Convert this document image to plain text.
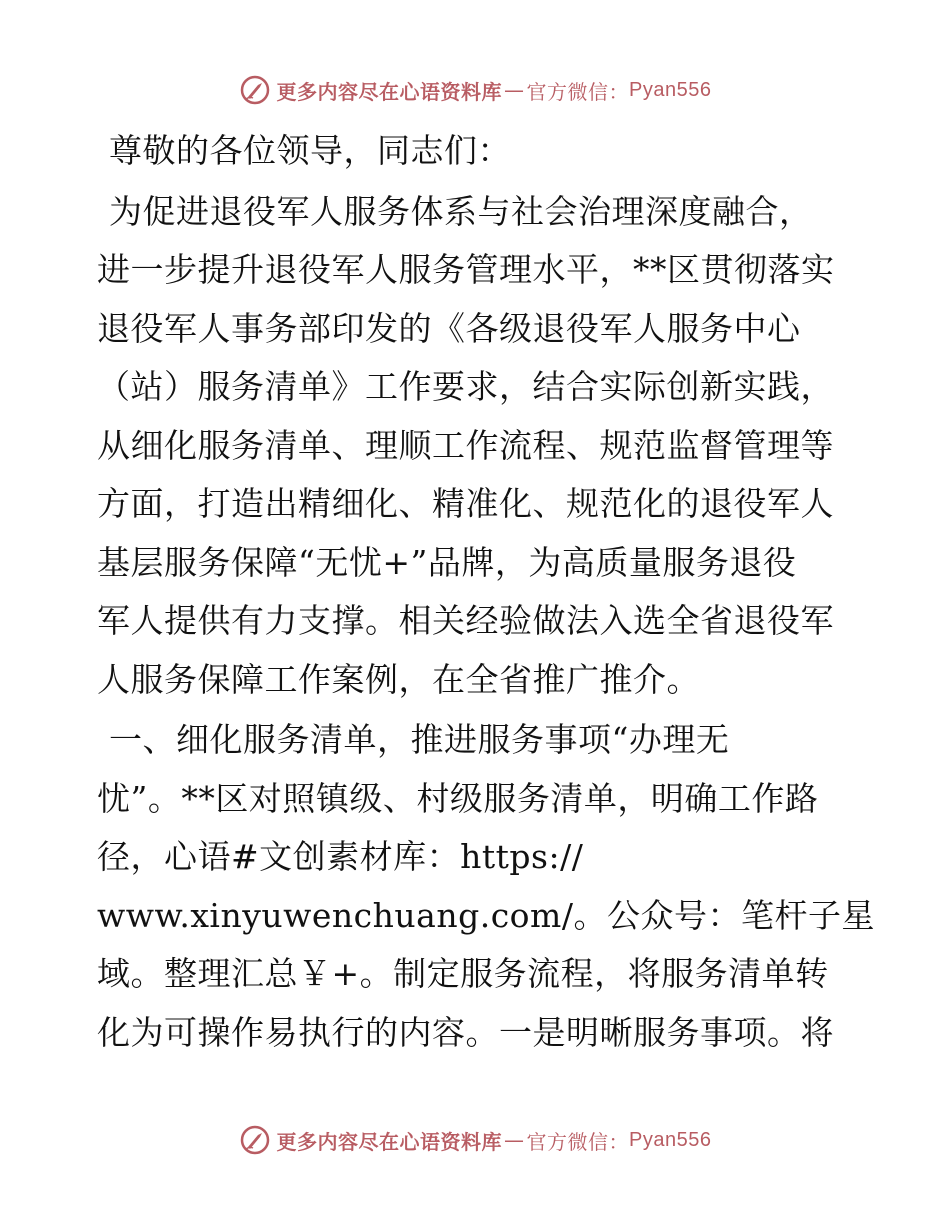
更多内容尽在心语资料库 — 官方微信： Pyan556
尊敬的各位领导，同志们：
为促进退役军人服务体系与社会治理深度融合，
进一步提升退役军人服务管理水平，**区贯彻落实
退役军人事务部印发的《各级退役军人服务中心
（站）服务清单》工作要求，结合实际创新实践，
从细化服务清单、理顺工作流程、规范监督管理等
方面，打造出精细化、精准化、规范化的退役军人
基层服务保障“无忧+”品牌，为高质量服务退役
军人提供有力支撑。相关经验做法入选全省退役军
人服务保障工作案例，在全省推广推介。
一、细化服务清单，推进服务事项“办理无
忧”。**区对照镇级、村级服务清单，明确工作路
径，心语#文创素材库：https://
www.xinyuwenchuang.com/。公众号：笔杆子星
域。整理汇总￥+。制定服务流程，将服务清单转
化为可操作易执行的内容。一是明晰服务事项。将
更多内容尽在心语资料库 — 官方微信： Pyan556
